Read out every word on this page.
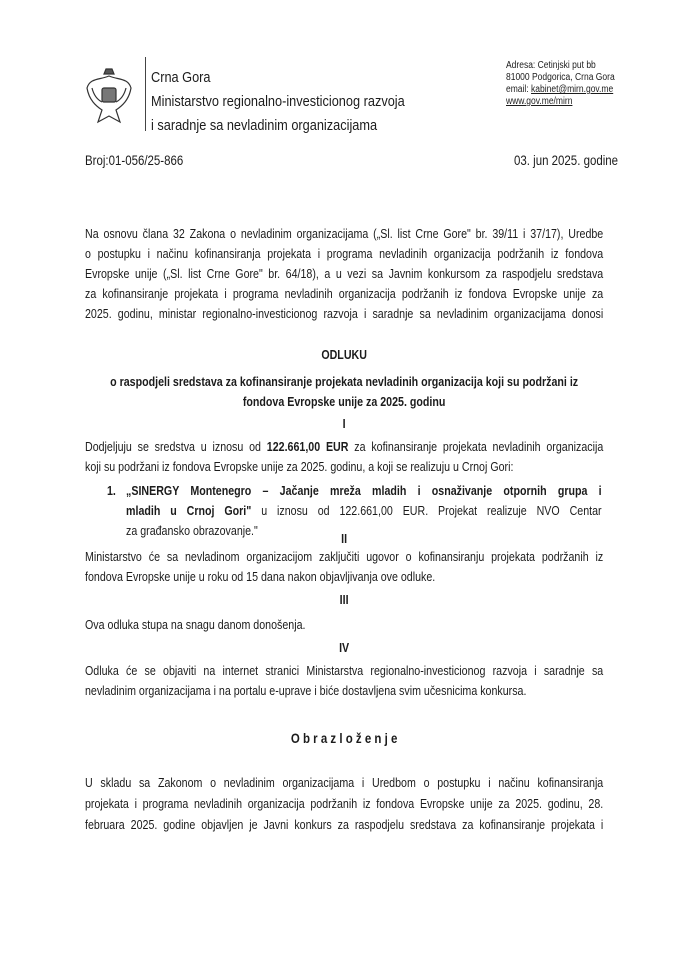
Crna Gora
Ministarstvo regionalno-investicionog razvoja
i saradnje sa nevladinim organizacijama
Adresa: Cetinjski put bb
81000 Podgorica, Crna Gora
email: kabinet@mirn.gov.me
www.gov.me/mirn
Broj:01-056/25-866	03. jun 2025. godine
Na osnovu člana 32 Zakona o nevladinim organizacijama („Sl. list Crne Gore" br. 39/11 i 37/17), Uredbe
o postupku i načinu kofinansiranja projekata i programa nevladinih organizacija podržanih iz fondova
Evropske unije („Sl. list Crne Gore" br. 64/18), a u vezi sa Javnim konkursom za raspodjelu sredstava
za kofinansiranje projekata i programa nevladinih organizacija podržanih iz fondova Evropske unije za
2025. godinu, ministar regionalno-investicionog razvoja i saradnje sa nevladinim organizacijama donosi
ODLUKU
o raspodjeli sredstava za kofinansiranje projekata nevladinih organizacija koji su podržani iz
fondova Evropske unije za 2025. godinu
I
Dodjeljuju se sredstva u iznosu od 122.661,00 EUR za kofinansiranje projekata nevladinih organizacija
koji su podržani iz fondova Evropske unije za 2025. godinu, a koji se realizuju u Crnoj Gori:
1. „SINERGY Montenegro – Jačanje mreža mladih i osnaživanje otpornih grupa i
mladih u Crnoj Gori" u iznosu od 122.661,00 EUR. Projekat realizuje NVO Centar
za građansko obrazovanje."
II
Ministarstvo će sa nevladinom organizacijom zaključiti ugovor o kofinansiranju projekata podržanih iz
fondova Evropske unije u roku od 15 dana nakon objavljivanja ove odluke.
III
Ova odluka stupa na snagu danom donošenja.
IV
Odluka će se objaviti na internet stranici Ministarstva regionalno-investicionog razvoja i saradnje sa
nevladinim organizacijama i na portalu e-uprave i biće dostavljena svim učesnicima konkursa.
O b r a z l o ž e n j e
U skladu sa Zakonom o nevladinim organizacijama i Uredbom o postupku i načinu kofinansiranja
projekata i programa nevladinih organizacija podržanih iz fondova Evropske unije za 2025. godinu, 28.
februara 2025. godine objavljen je Javni konkurs za raspodjelu sredstava za kofinansiranje projekata i
